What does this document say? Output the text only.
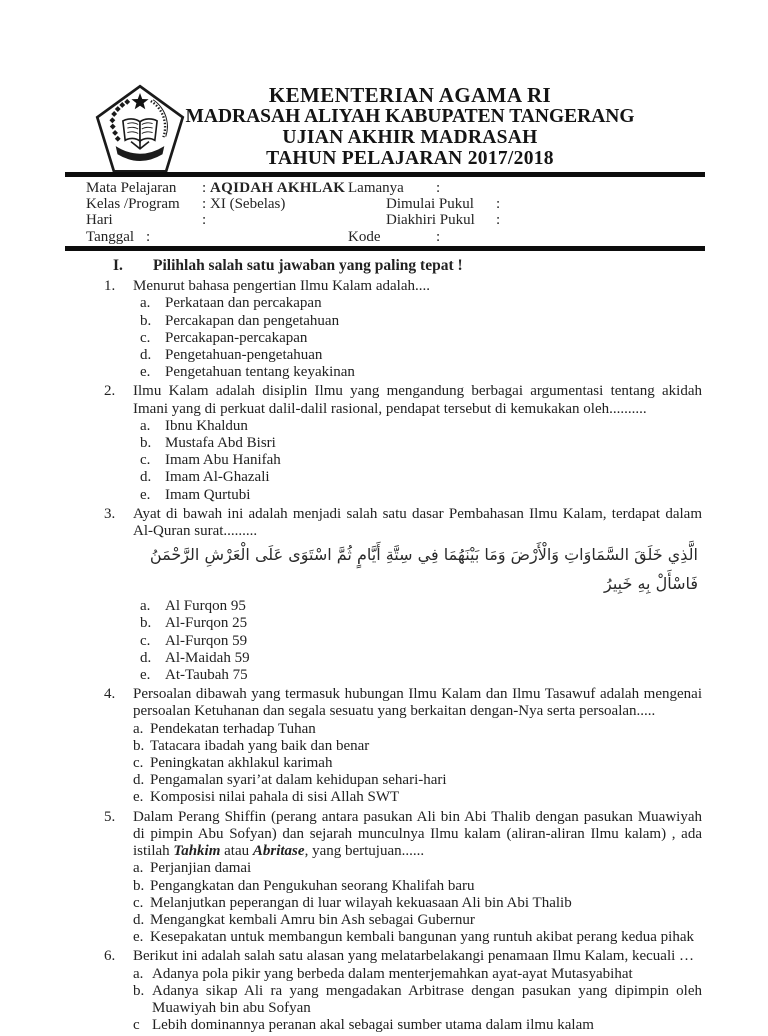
KEMENTERIAN AGAMA RI
MADRASAH ALIYAH KABUPATEN TANGERANG
UJIAN AKHIR MADRASAH
TAHUN PELAJARAN 2017/2018
Mata Pelajaran : AQIDAH AKHLAK Lamanya :
Kelas /Program : XI (Sebelas)	Dimulai Pukul :
Hari	:	Diakhiri Pukul :
Tanggal :	Kode	:
I. Pilihlah salah satu jawaban yang paling tepat !
1. Menurut bahasa pengertian Ilmu Kalam adalah....
a. Perkataan dan percakapan
b. Percakapan dan pengetahuan
c. Percakapan-percakapan
d. Pengetahuan-pengetahuan
e. Pengetahuan tentang keyakinan
2. Ilmu Kalam adalah disiplin Ilmu yang mengandung berbagai argumentasi tentang akidah Imani yang di perkuat dalil-dalil rasional, pendapat tersebut di kemukakan oleh..........
a. Ibnu Khaldun
b. Mustafa Abd Bisri
c. Imam Abu Hanifah
d. Imam Al-Ghazali
e. Imam Qurtubi
3. Ayat di bawah ini adalah menjadi salah satu dasar Pembahasan Ilmu Kalam, terdapat dalam Al-Quran surat.........
الَّذِي خَلَقَ السَّمَاوَاتِ وَالْأَرْضَ وَمَا بَيْنَهُمَا فِي سِتَّةِ أَيَّامٍ ثُمَّ اسْتَوَى عَلَى الْعَرْشِ الرَّحْمَنُ فَاسْأَلْ بِهِ خَبِيرُ
a. Al Furqon 95
b. Al-Furqon 25
c. Al-Furqon 59
d. Al-Maidah 59
e. At-Taubah 75
4. Persoalan dibawah yang termasuk hubungan Ilmu Kalam dan Ilmu Tasawuf adalah mengenai persoalan Ketuhanan dan segala sesuatu yang berkaitan dengan-Nya serta persoalan.....
a. Pendekatan terhadap Tuhan
b. Tatacara ibadah yang baik dan benar
c. Peningkatan akhlakul karimah
d. Pengamalan syari’at dalam kehidupan sehari-hari
e. Komposisi nilai pahala di sisi Allah SWT
5. Dalam Perang Shiffin (perang antara pasukan Ali bin Abi Thalib dengan pasukan Muawiyah di pimpin Abu Sofyan) dan sejarah munculnya Ilmu kalam (aliran-aliran Ilmu kalam) , ada istilah Tahkim atau Abritase, yang bertujuan......
a. Perjanjian damai
b. Pengangkatan dan Pengukuhan seorang Khalifah baru
c. Melanjutkan peperangan di luar wilayah kekuasaan Ali bin Abi Thalib
d. Mengangkat kembali Amru bin Ash sebagai Gubernur
e. Kesepakatan untuk membangun kembali bangunan yang runtuh akibat perang kedua pihak
6. Berikut ini adalah salah satu alasan yang melatarbelakangi penamaan Ilmu Kalam, kecuali …
a. Adanya pola pikir yang berbeda dalam menterjemahkan ayat-ayat Mutasyabihat
b. Adanya sikap Ali ra yang mengadakan Arbitrase dengan pasukan yang dipimpin oleh Muawiyah bin abu Sofyan
c Lebih dominannya peranan akal sebagai sumber utama dalam ilmu kalam
